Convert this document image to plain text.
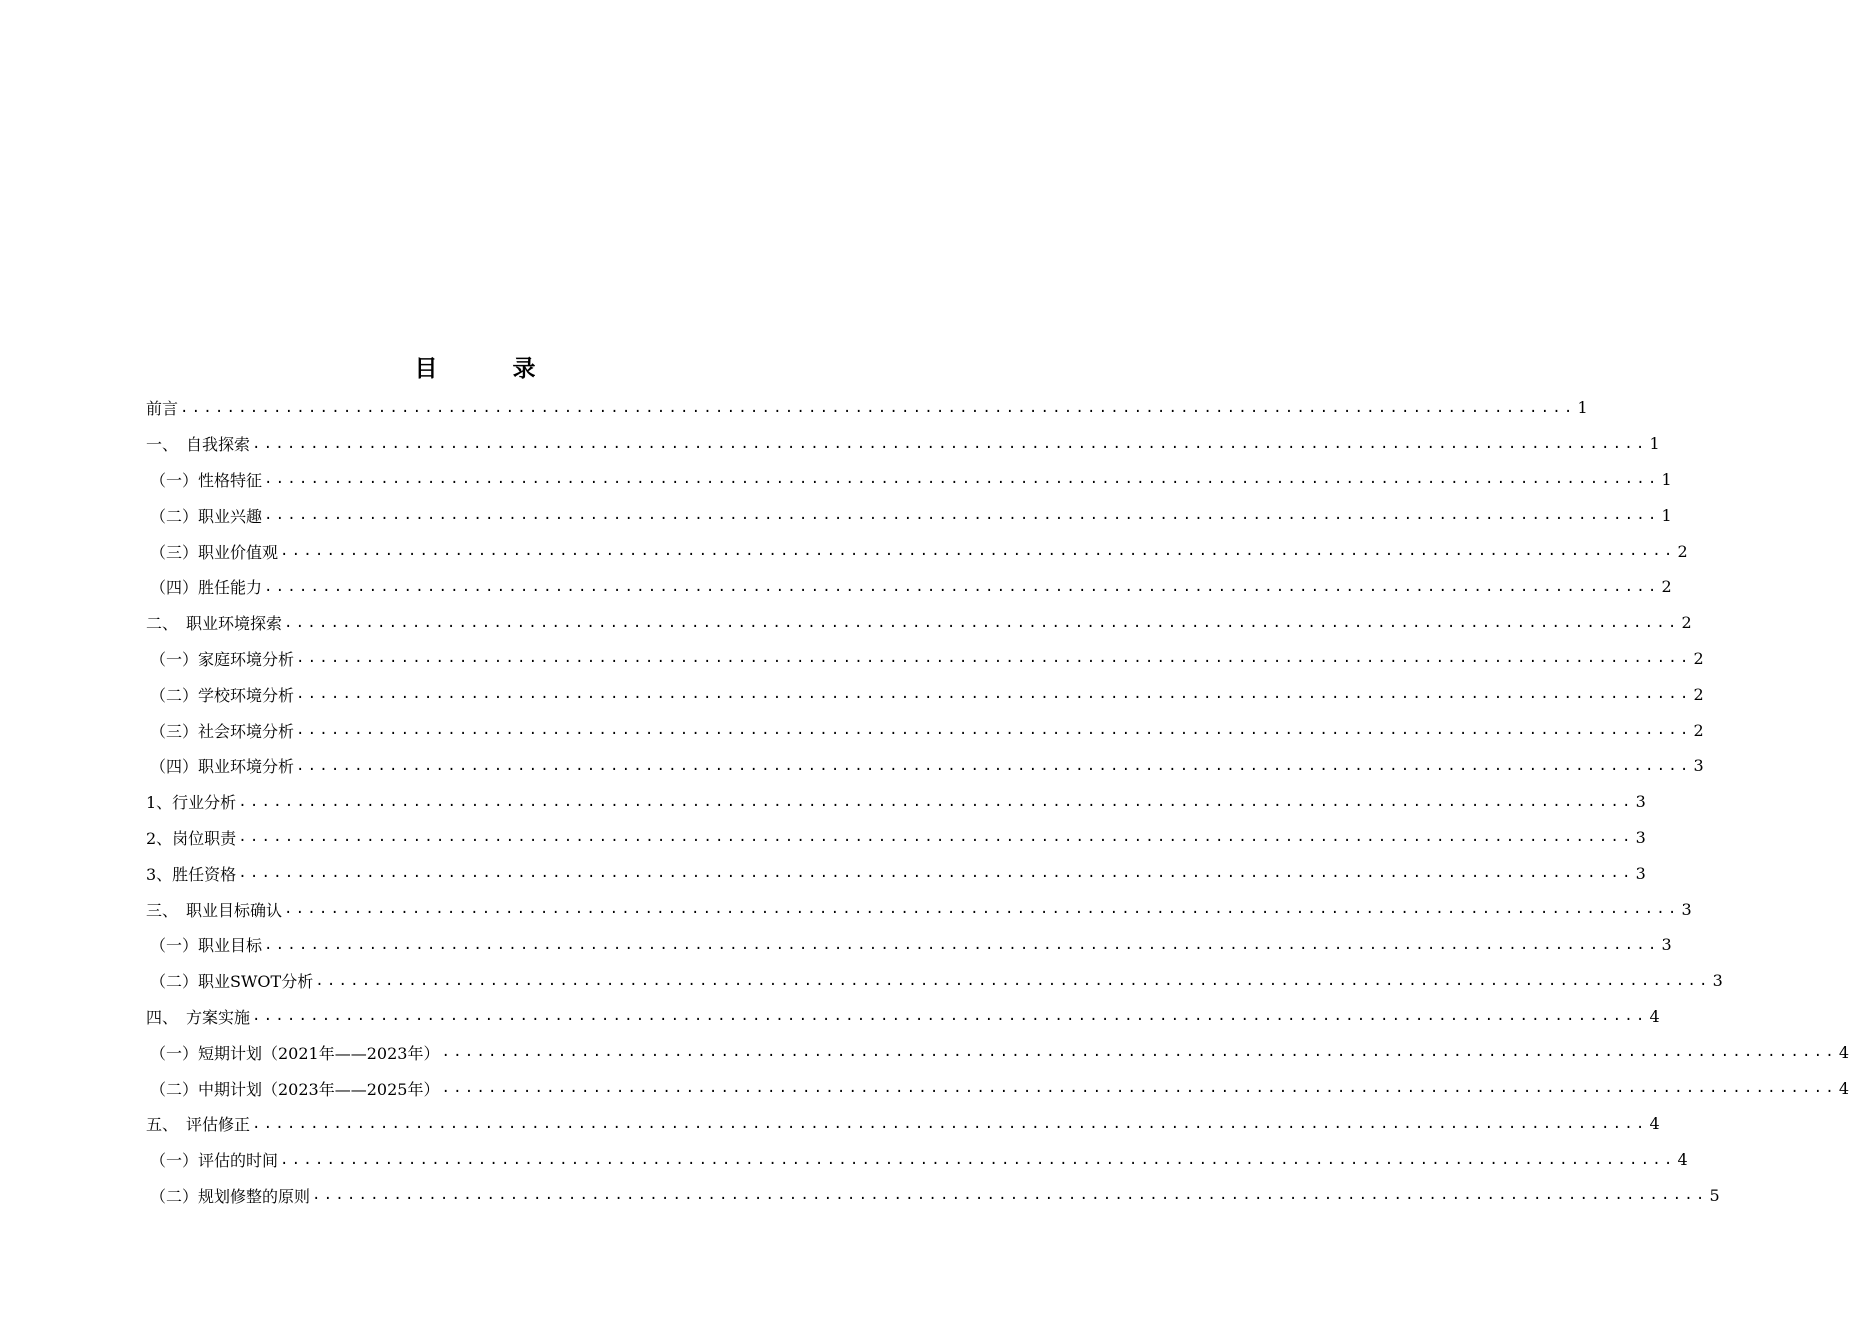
目　录
前言 ........................................................................................................................ 1
一、　自我探索 ........................................................................................................................ 1
（一）性格特征 ........................................................................................................................ 1
（二）职业兴趣 ........................................................................................................................ 1
（三）职业价值观 ........................................................................................................................ 2
（四）胜任能力 ........................................................................................................................ 2
二、　职业环境探索 ........................................................................................................................ 2
（一）家庭环境分析 ........................................................................................................................ 2
（二）学校环境分析 ........................................................................................................................ 2
（三）社会环境分析 ........................................................................................................................ 2
（四）职业环境分析 ........................................................................................................................ 3
1、行业分析 ........................................................................................................................ 3
2、岗位职责 ........................................................................................................................ 3
3、胜任资格 ........................................................................................................................ 3
三、　职业目标确认 ........................................................................................................................ 3
（一）职业目标 ........................................................................................................................ 3
（二）职业SWOT分析 ........................................................................................................................ 3
四、　方案实施 ........................................................................................................................ 4
（一）短期计划（2021年——2023年） ........................................................................................................................ 4
（二）中期计划（2023年——2025年） ........................................................................................................................ 4
五、　评估修正 ........................................................................................................................ 4
（一）评估的时间 ........................................................................................................................ 4
（二）规划修整的原则 ........................................................................................................................ 5
